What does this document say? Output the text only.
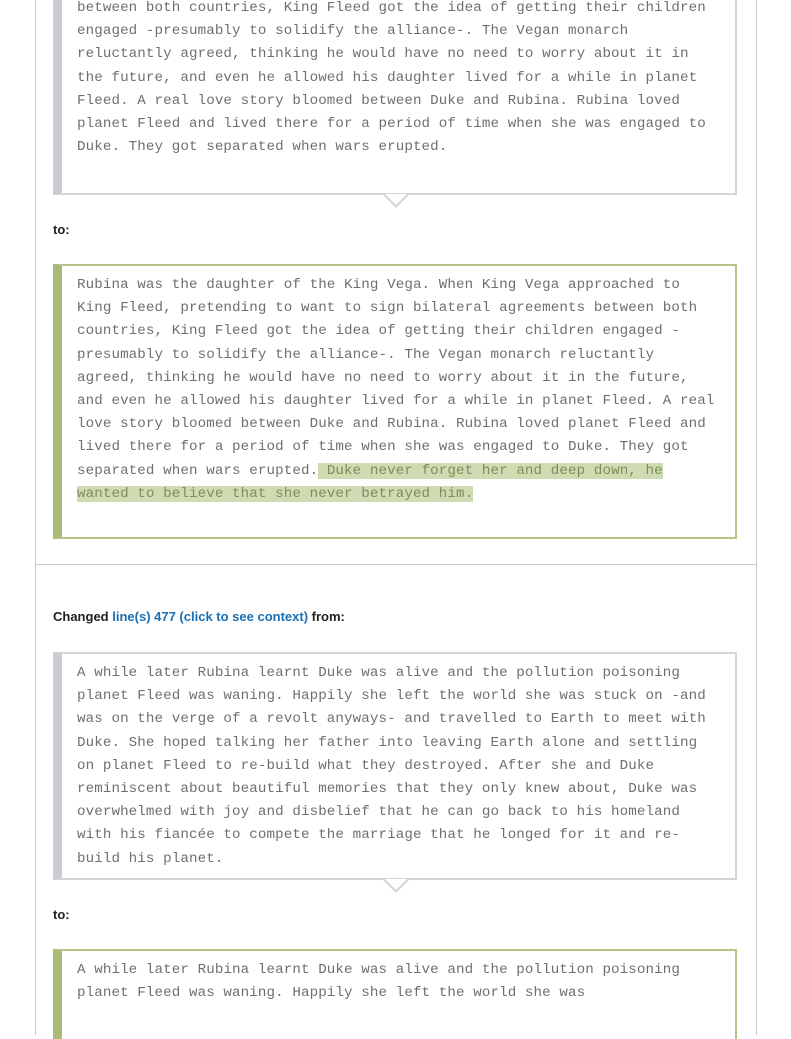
between both countries, King Fleed got the idea of getting their children engaged -presumably to solidify the alliance-. The Vegan monarch reluctantly agreed, thinking he would have no need to worry about it in the future, and even he allowed his daughter lived for a while in planet Fleed. A real love story bloomed between Duke and Rubina. Rubina loved planet Fleed and lived there for a period of time when she was engaged to Duke. They got separated when wars erupted.

to:

Rubina was the daughter of the King Vega. When King Vega approached to King Fleed, pretending to want to sign bilateral agreements between both countries, King Fleed got the idea of getting their children engaged -presumably to solidify the alliance-. The Vegan monarch reluctantly agreed, thinking he would have no need to worry about it in the future, and even he allowed his daughter lived for a while in planet Fleed. A real love story bloomed between Duke and Rubina. Rubina loved planet Fleed and lived there for a period of time when she was engaged to Duke. They got separated when wars erupted. Duke never forget her and deep down, he wanted to believe that she never betrayed him.

Changed line(s) 477 (click to see context) from:

A while later Rubina learnt Duke was alive and the pollution poisoning planet Fleed was waning. Happily she left the world she was stuck on -and was on the verge of a revolt anyways- and travelled to Earth to meet with Duke. She hoped talking her father into leaving Earth alone and settling on planet Fleed to re-build what they destroyed. After she and Duke reminiscent about beautiful memories that they only knew about, Duke was overwhelmed with joy and disbelief that he can go back to his homeland with his fiancée to compete the marriage that he longed for it and re-build his planet.

to:

A while later Rubina learnt Duke was alive and the pollution poisoning planet Fleed was waning. Happily she left the world she was
